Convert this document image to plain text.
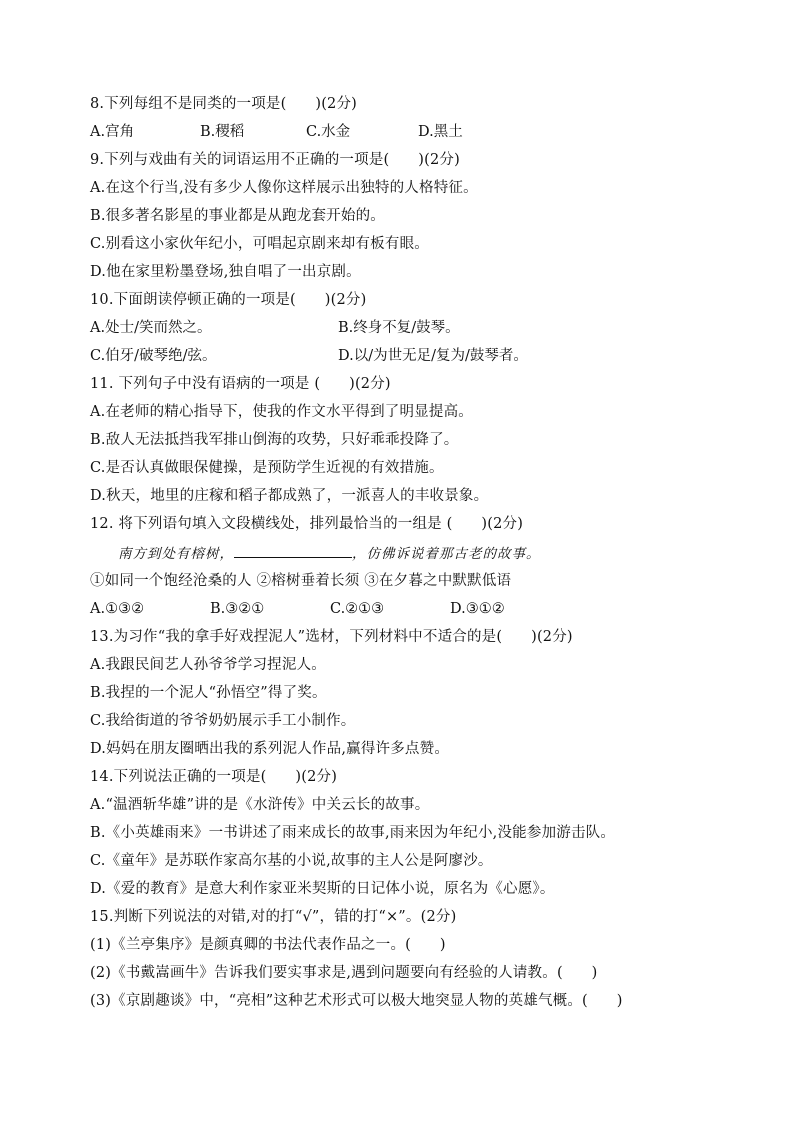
8.下列每组不是同类的一项是(      )(2分)
A.宫角	B.稷稻	C.水金	D.黑土
9.下列与戏曲有关的词语运用不正确的一项是(      )(2分)
A.在这个行当,没有多少人像你这样展示出独特的人格特征。
B.很多著名影星的事业都是从跑龙套开始的。
C.别看这小家伙年纪小，可唱起京剧来却有板有眼。
D.他在家里粉墨登场,独自唱了一出京剧。
10.下面朗读停顿正确的一项是(      )(2分)
A.处士/笑而然之。	B.终身不复/鼓琴。
C.伯牙/破琴绝/弦。	D.以/为世无足/复为/鼓琴者。
11. 下列句子中没有语病的一项是 (      )(2分)
A.在老师的精心指导下，使我的作文水平得到了明显提高。
B.敌人无法抵挡我军排山倒海的攻势，只好乖乖投降了。
C.是否认真做眼保健操，是预防学生近视的有效措施。
D.秋天，地里的庄稼和稻子都成熟了，一派喜人的丰收景象。
12. 将下列语句填入文段横线处，排列最恰当的一组是 (      )(2分)
南方到处有榕树，	，仿佛诉说着那古老的故事。
①如同一个饱经沧桑的人 ②榕树垂着长须 ③在夕暮之中默默低语
A.①③②	B.③②①	C.②①③	D.③①②
13.为习作“我的拿手好戏捏泥人”选材，下列材料中不适合的是(      )(2分)
A.我跟民间艺人孙爷爷学习捏泥人。
B.我捏的一个泥人“孙悟空”得了奖。
C.我给街道的爷爷奶奶展示手工小制作。
D.妈妈在朋友圈晒出我的系列泥人作品,赢得许多点赞。
14.下列说法正确的一项是(      )(2分)
A.“温酒斩华雄”讲的是《水浒传》中关云长的故事。
B.《小英雄雨来》一书讲述了雨来成长的故事,雨来因为年纪小,没能参加游击队。
C.《童年》是苏联作家高尔基的小说,故事的主人公是阿廖沙。
D.《爱的教育》是意大利作家亚米契斯的日记体小说，原名为《心愿》。
15.判断下列说法的对错,对的打“√”，错的打“×”。(2分)
(1)《兰亭集序》是颜真卿的书法代表作品之一。(      )
(2)《书戴嵩画牛》告诉我们要实事求是,遇到问题要向有经验的人请教。(      )
(3)《京剧趣谈》中，“亮相”这种艺术形式可以极大地突显人物的英雄气概。(      )
